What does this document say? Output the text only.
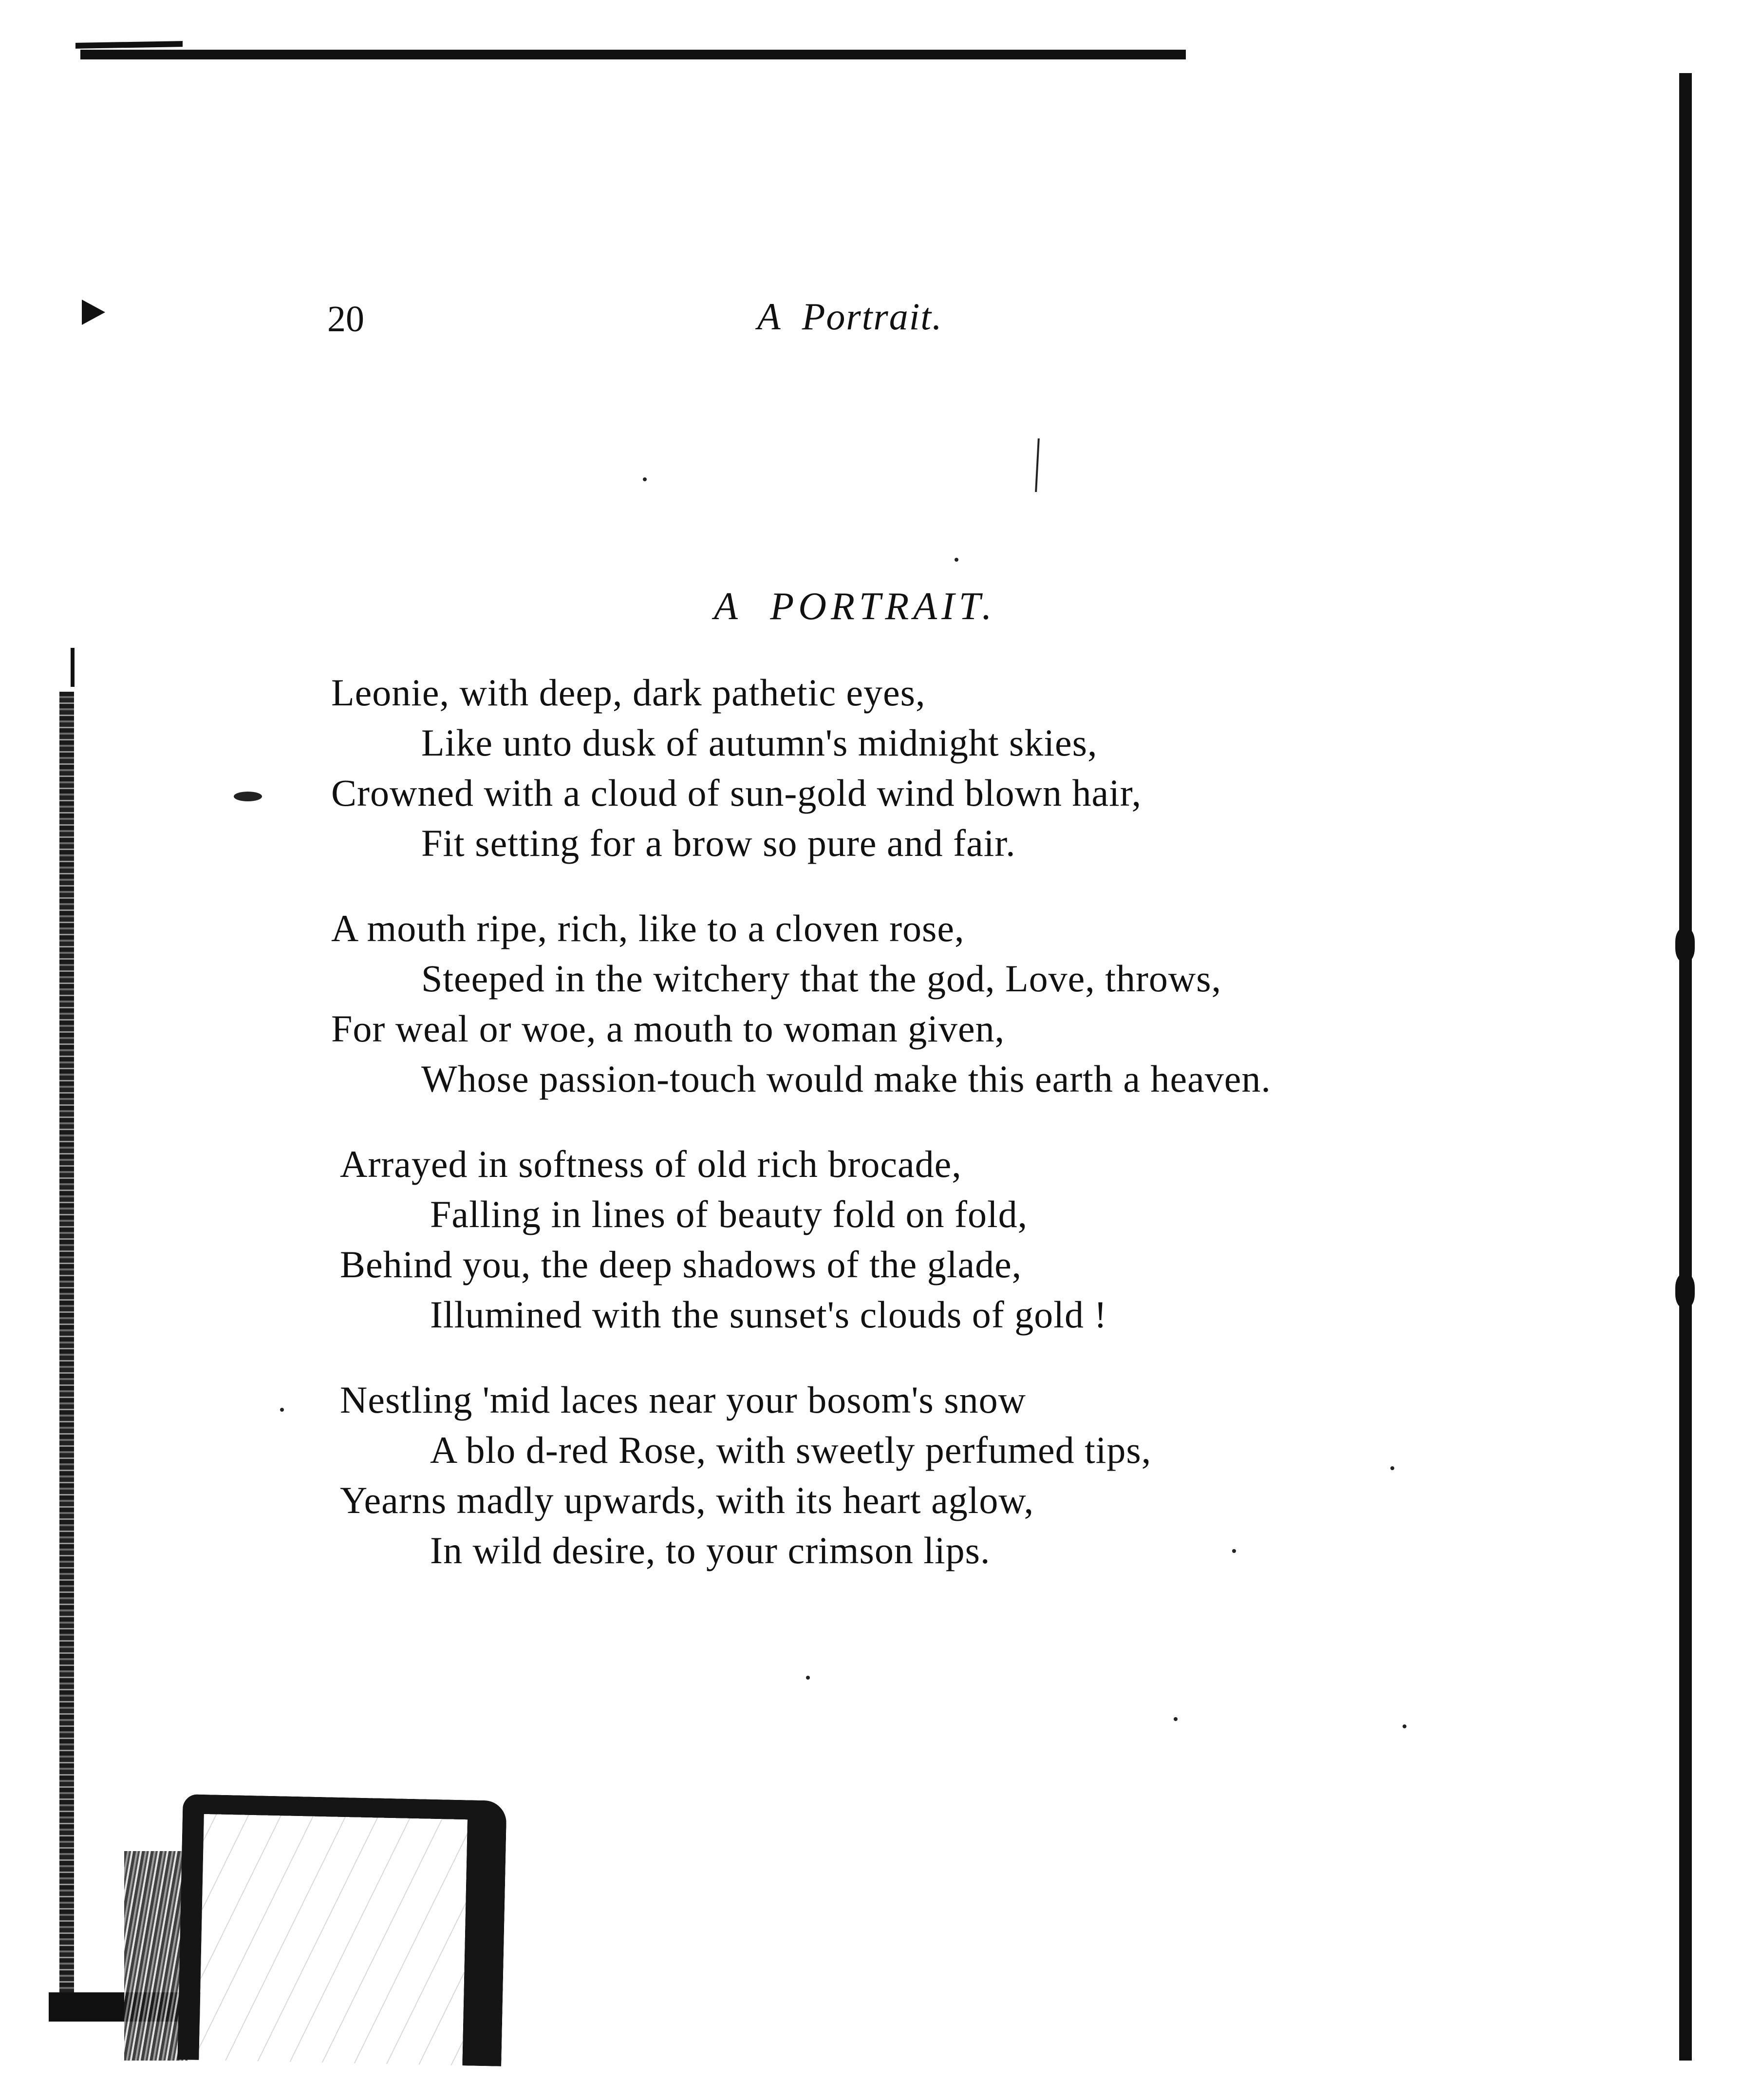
20	A Portrait.
A PORTRAIT.
Leonie, with deep, dark pathetic eyes,
Like unto dusk of autumn's midnight skies,
Crowned with a cloud of sun-gold wind blown hair,
Fit setting for a brow so pure and fair.
A mouth ripe, rich, like to a cloven rose,
Steeped in the witchery that the god, Love, throws,
For weal or woe, a mouth to woman given,
Whose passion-touch would make this earth a heaven.
Arrayed in softness of old rich brocade,
Falling in lines of beauty fold on fold,
Behind you, the deep shadows of the glade,
Illumined with the sunset's clouds of gold !
Nestling 'mid laces near your bosom's snow
A blo d-red Rose, with sweetly perfumed tips,
Yearns madly upwards, with its heart aglow,
In wild desire, to your crimson lips.
